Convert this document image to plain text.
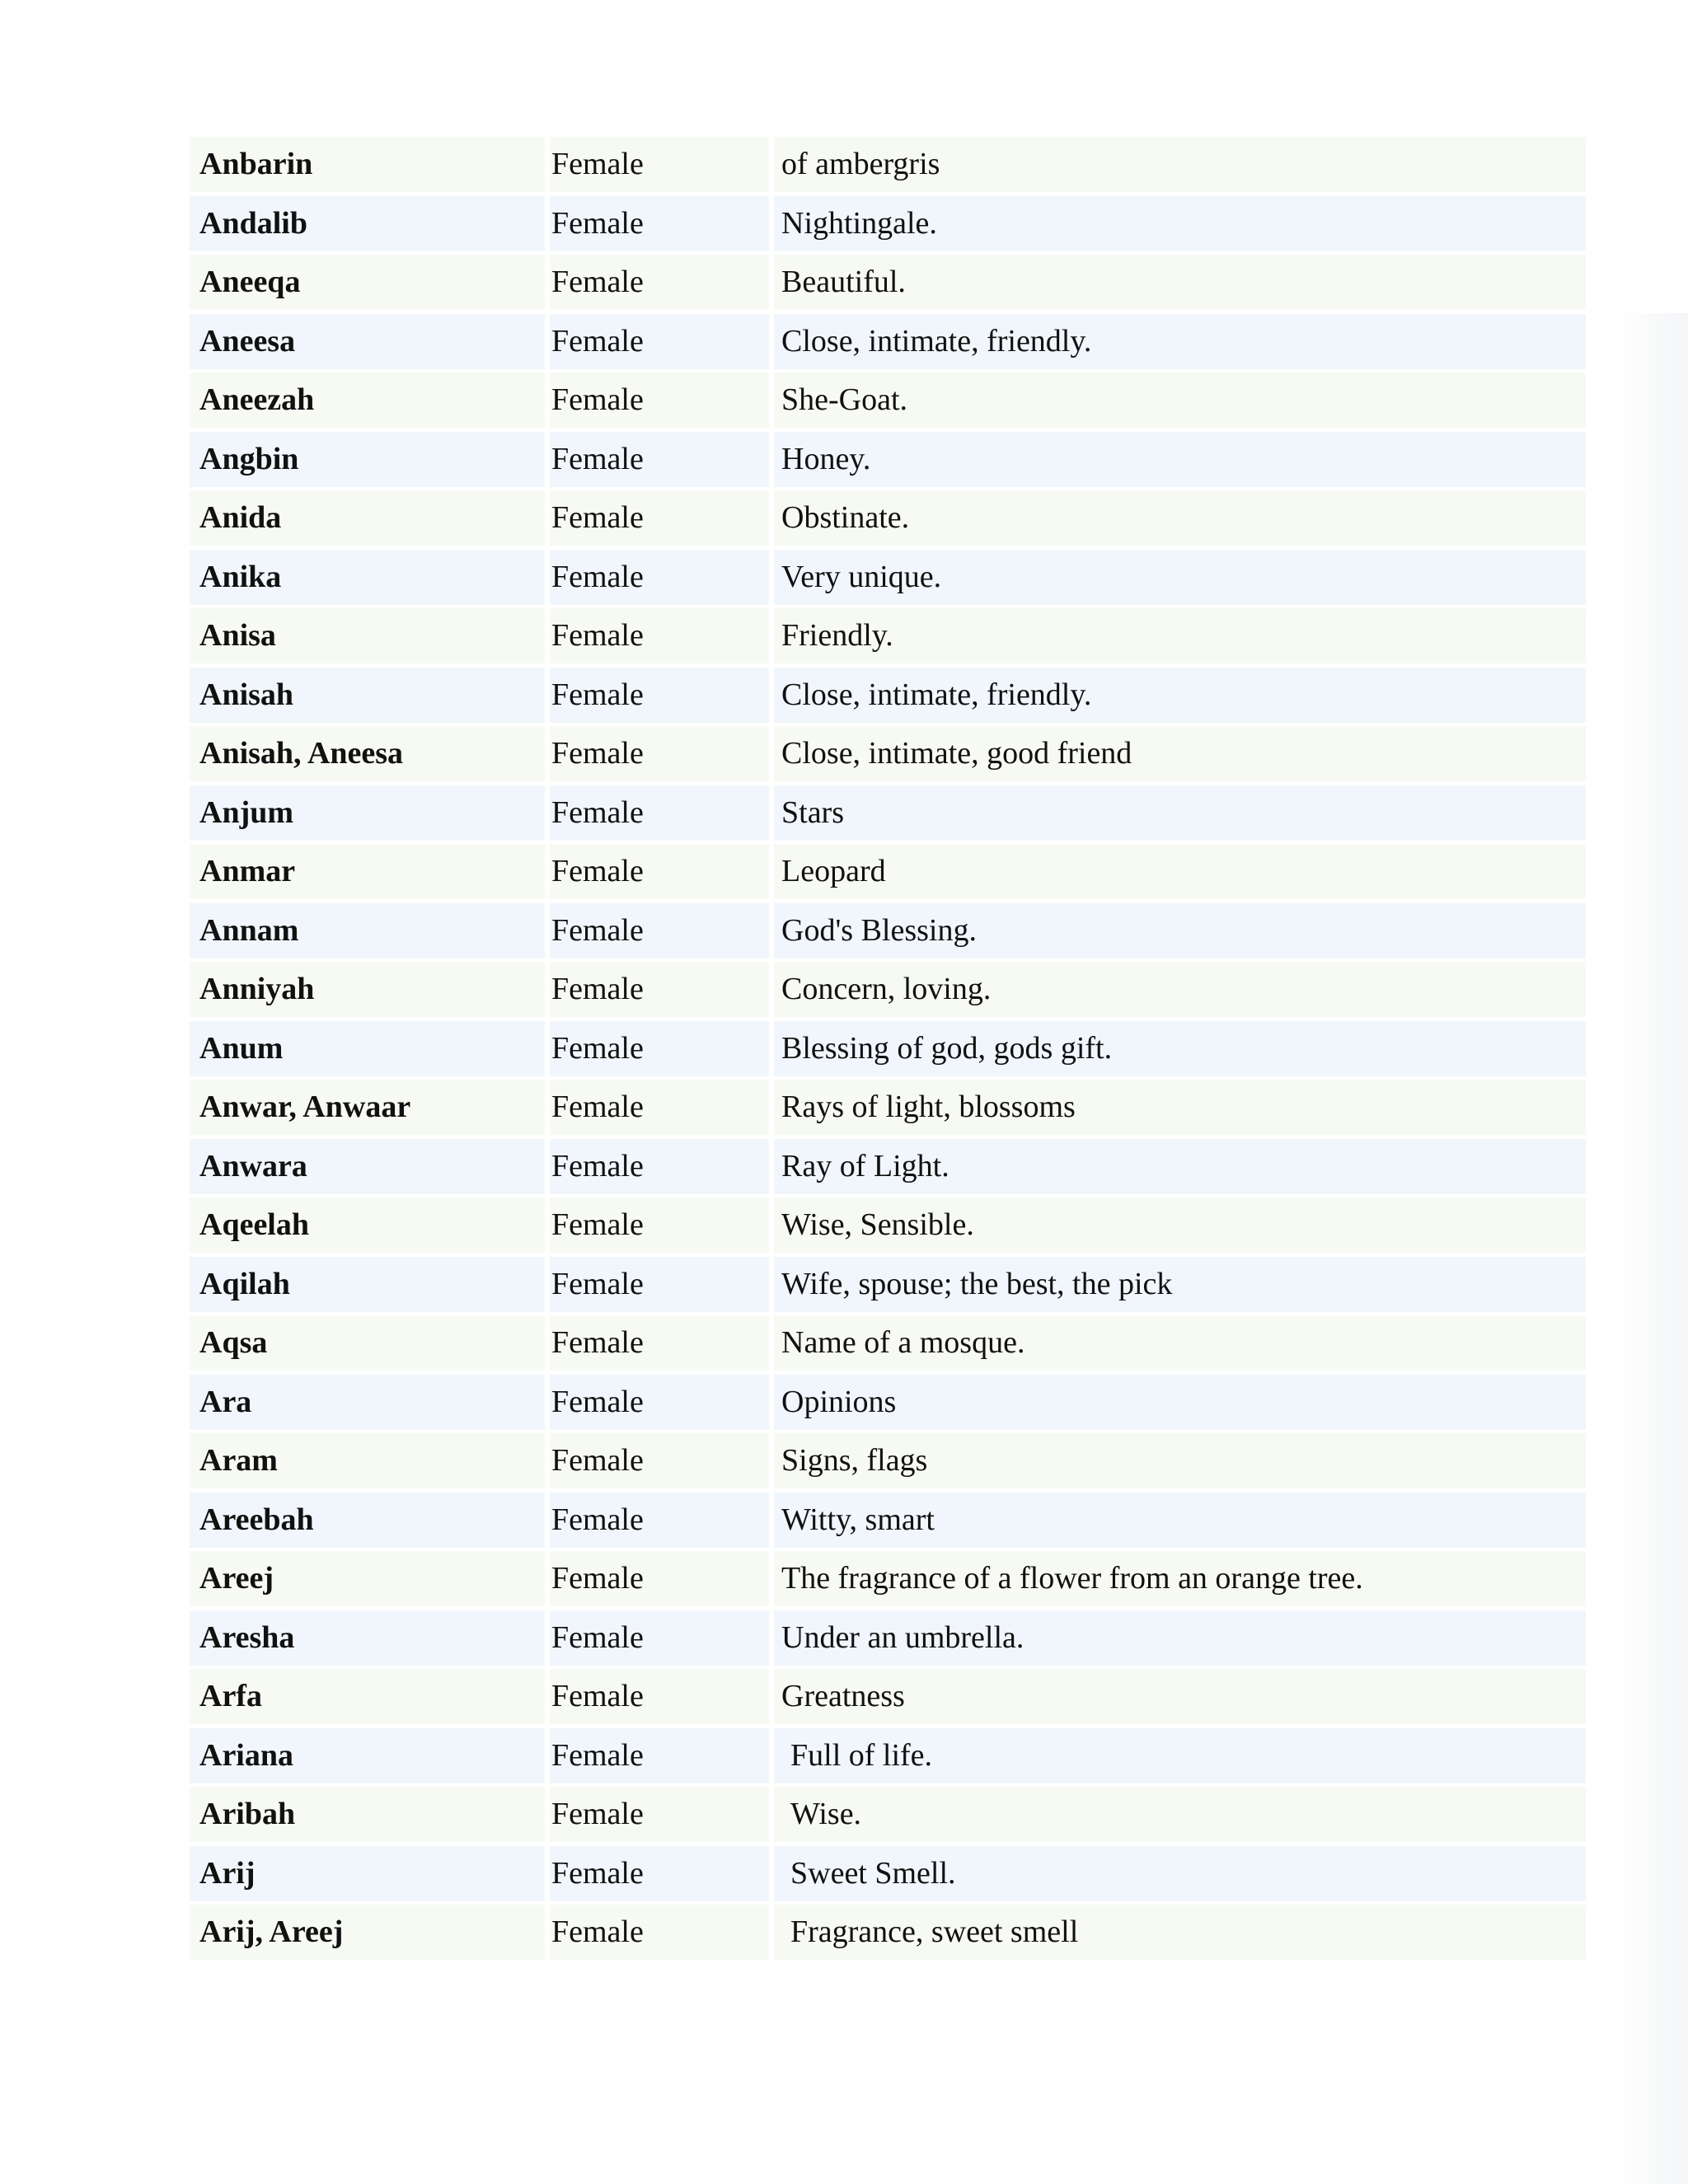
Anbarin	Female	of ambergris
Andalib	Female	Nightingale.
Aneeqa	Female	Beautiful.
Aneesa	Female	Close, intimate, friendly.
Aneezah	Female	She-Goat.
Angbin	Female	Honey.
Anida	Female	Obstinate.
Anika	Female	Very unique.
Anisa	Female	Friendly.
Anisah	Female	Close, intimate, friendly.
Anisah, Aneesa	Female	Close, intimate, good friend
Anjum	Female	Stars
Anmar	Female	Leopard
Annam	Female	God's Blessing.
Anniyah	Female	Concern, loving.
Anum	Female	Blessing of god, gods gift.
Anwar, Anwaar	Female	Rays of light, blossoms
Anwara	Female	Ray of Light.
Aqeelah	Female	Wise, Sensible.
Aqilah	Female	Wife, spouse; the best, the pick
Aqsa	Female	Name of a mosque.
Ara	Female	Opinions
Aram	Female	Signs, flags
Areebah	Female	Witty, smart
Areej	Female	The fragrance of a flower from an orange tree.
Aresha	Female	Under an umbrella.
Arfa	Female	Greatness
Ariana	Female	Full of life.
Aribah	Female	Wise.
Arij	Female	Sweet Smell.
Arij, Areej	Female	Fragrance, sweet smell
